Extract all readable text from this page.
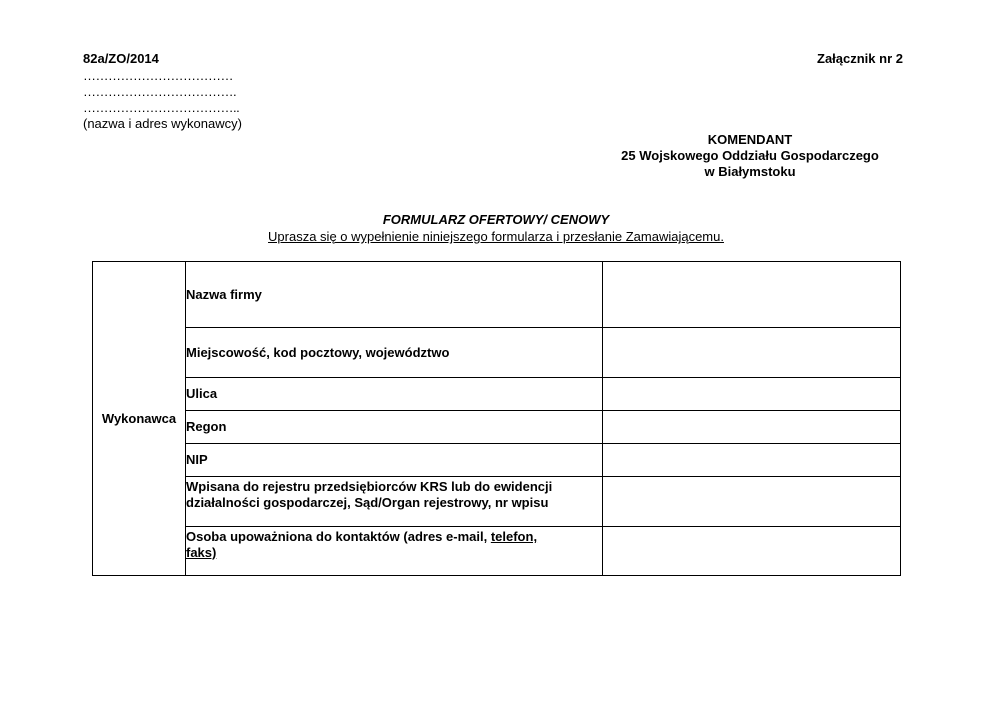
82a/ZO/2014	Załącznik nr 2
………………………………
……………………………….
………………………………..
(nazwa i adres wykonawcy)
KOMENDANT
25 Wojskowego Oddziału Gospodarczego
w Białymstoku
FORMULARZ OFERTOWY/ CENOWY
Uprasza się o wypełnienie niniejszego formularza i przesłanie Zamawiającemu.
Wykonawca	Nazwa firmy	
	Miejscowość, kod pocztowy, województwo	
	Ulica	
	Regon	
	NIP	

	Wpisana do rejestru przedsiębiorców KRS lub do ewidencji
działalności gospodarczej, Sąd/Organ rejestrowy, nr wpisu	

	Osoba upoważniona do kontaktów (adres e-mail, telefon,
faks)	
